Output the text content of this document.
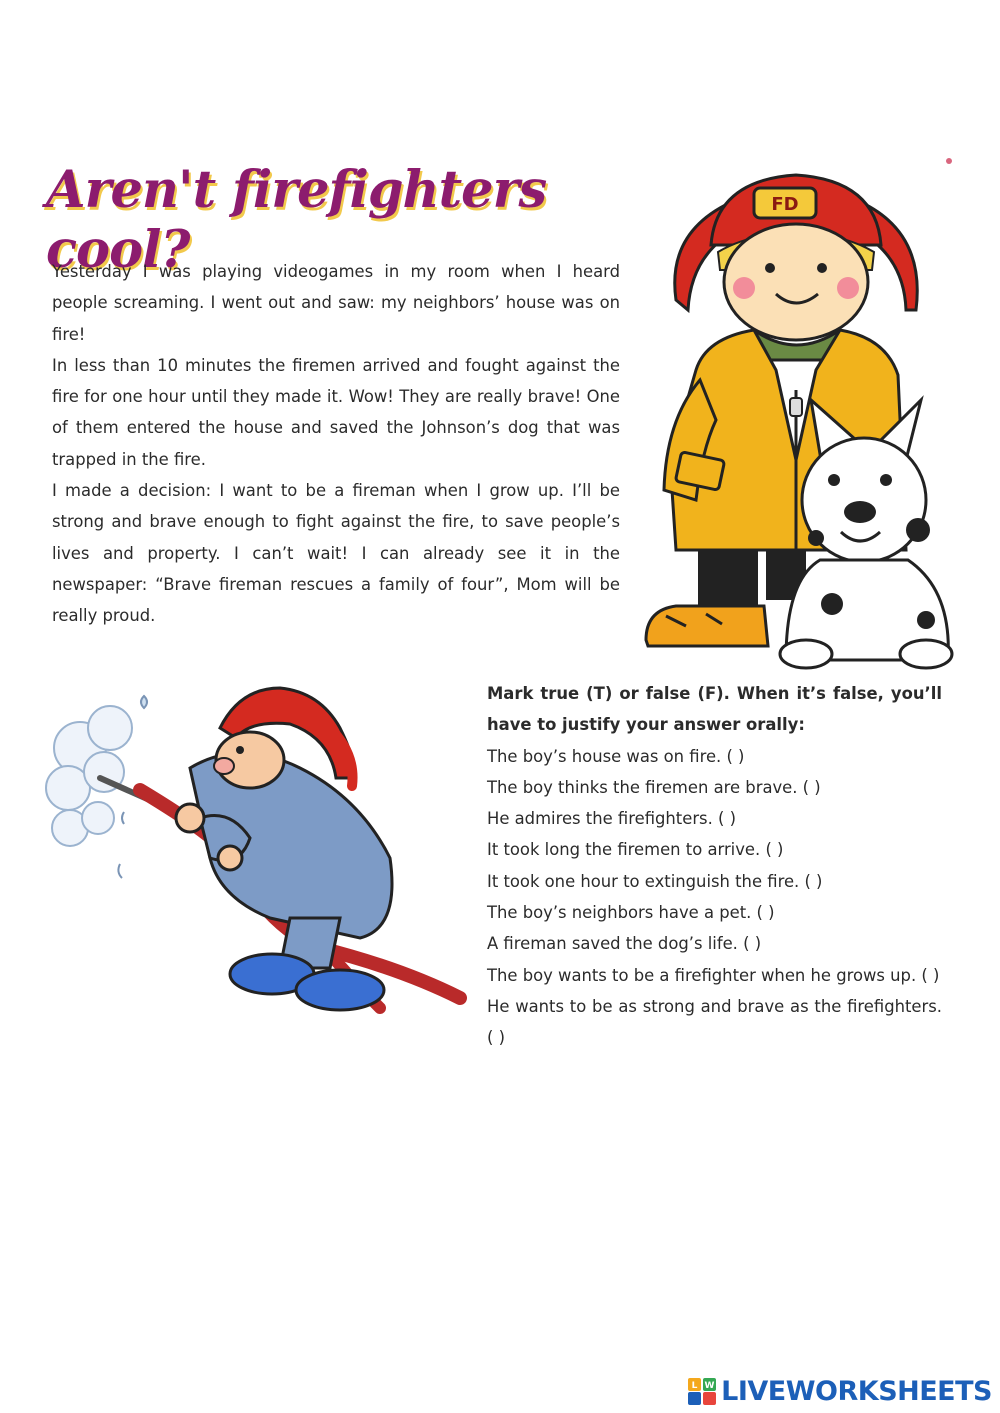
Aren't firefighters cool?

Yesterday I was playing videogames in my room when I heard people screaming. I went out and saw: my neighbors’ house was on fire!

In less than 10 minutes the firemen arrived and fought against the fire for one hour until they made it. Wow! They are really brave! One of them entered the house and saved the Johnson’s dog that was trapped in the fire.

I made a decision: I want to be a fireman when I grow up. I’ll be strong and brave enough to fight against the fire, to save people’s lives and property. I can’t wait! I can already see it in the newspaper: “Brave fireman rescues a family of four”, Mom will be really proud.

FD

Mark true (T) or false (F). When it’s false, you’ll have to justify your answer orally:

The boy’s house was on fire. ( )
The boy thinks the firemen are brave. ( )
He admires the firefighters. ( )
It took long the firemen to arrive. ( )
It took one hour to extinguish the fire. ( )
The boy’s neighbors have a pet. ( )
A fireman saved the dog’s life. ( )
The boy wants to be a firefighter when he grows up. ( )
He wants to be as strong and brave as the firefighters. ( )
L W LIVEWORKSHEETS
